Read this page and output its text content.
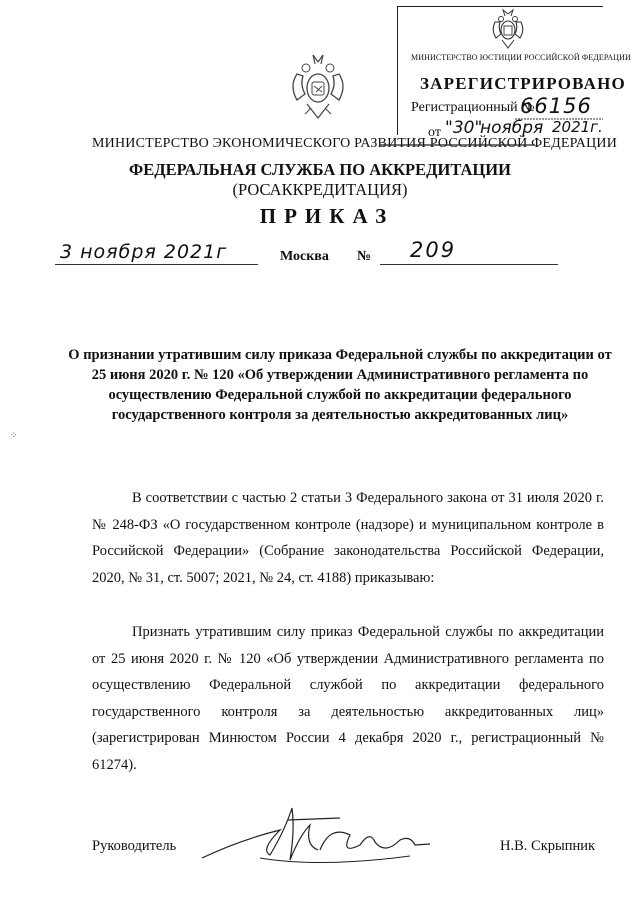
МИНИСТЕРСТВО ЮСТИЦИИ РОССИЙСКОЙ ФЕДЕРАЦИИ
ЗАРЕГИСТРИРОВАНО
Регистрационный №
66156
от "30"
ноября 2021г.
МИНИСТЕРСТВО ЭКОНОМИЧЕСКОГО РАЗВИТИЯ РОССИЙСКОЙ ФЕДЕРАЦИИ
ФЕДЕРАЛЬНАЯ СЛУЖБА ПО АККРЕДИТАЦИИ
(РОСАККРЕДИТАЦИЯ)
ПРИКАЗ
3 ноября 2021г	Москва № 209
О признании утратившим силу приказа Федеральной службы по аккредитации от 25 июня 2020 г. № 120 «Об утверждении Административного регламента по осуществлению Федеральной службой по аккредитации федерального государственного контроля за деятельностью аккредитованных лиц»
⁘
В соответствии с частью 2 статьи 3 Федерального закона от 31 июля 2020 г. № 248-ФЗ «О государственном контроле (надзоре) и муниципальном контроле в Российской Федерации» (Собрание законодательства Российской Федерации, 2020, № 31, ст. 5007; 2021, № 24, ст. 4188) приказываю:
Признать утратившим силу приказ Федеральной службы по аккредитации от 25 июня 2020 г. № 120 «Об утверждении Административного регламента по осуществлению Федеральной службой по аккредитации федерального государственного контроля за деятельностью аккредитованных лиц» (зарегистрирован Минюстом России 4 декабря 2020 г., регистрационный № 61274).
Руководитель	Н.В. Скрыпник
